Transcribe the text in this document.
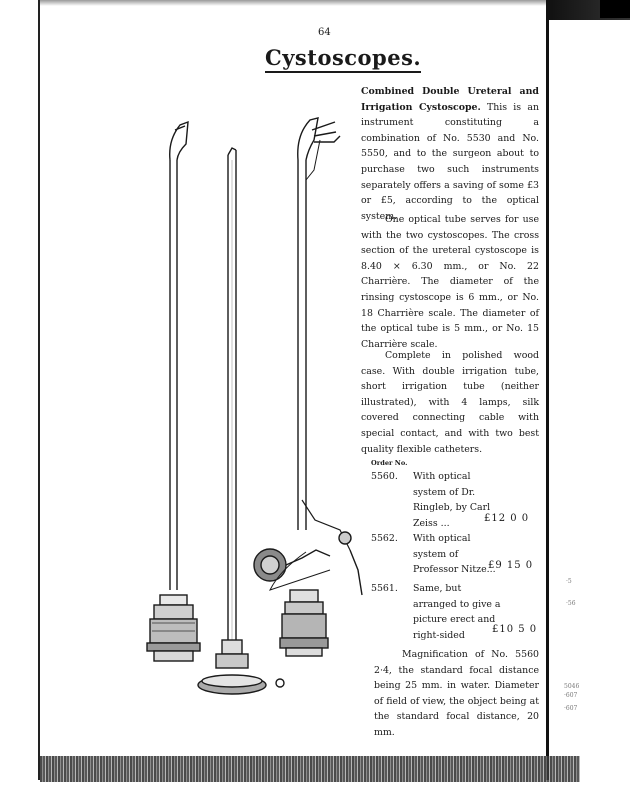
64
Cystoscopes.
Combined Double Ureteral and Irrigation Cystoscope. This is an instrument constituting a combination of No. 5530 and No. 5550, and to the surgeon about to purchase two such instruments separately offers a saving of some £3 or £5, according to the optical system.
One optical tube serves for use with the two cystoscopes. The cross section of the ureteral cystoscope is 8.40 × 6.30 mm., or No. 22 Charrière. The diameter of the rinsing cystoscope is 6 mm., or No. 18 Charrière scale. The diameter of the optical tube is 5 mm., or No. 15 Charrière scale.
Complete in polished wood case. With double irrigation tube, short irrigation tube (neither illustrated), with 4 lamps, silk covered connecting cable with special contact, and with two best quality flexible catheters.
Order No.
5560. With optical system of Dr. Ringleb, by Carl Zeiss ...	£12 0 0
5562. With optical system of Professor Nitze...
£9 15 0
5561. Same, but arranged to give a picture erect and right-sided
£10 5 0
Magnification of No. 5560 2·4, the standard focal distance being 25 mm. in water. Diameter of field of view, the object being at the standard focal distance, 20 mm.
·5
·56
5046
·607
·607
